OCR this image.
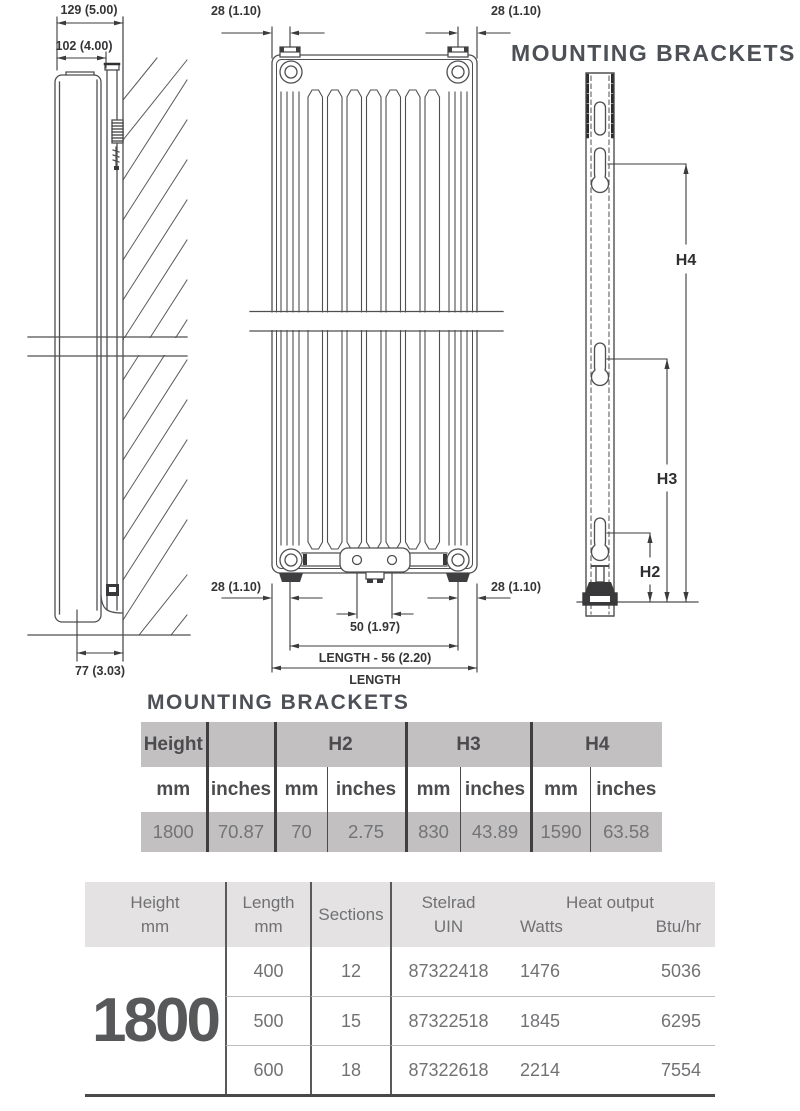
MOUNTING BRACKETS
MOUNTING BRACKETS
129 (5.00)
102 (4.00)
77 (3.03)
28 (1.10)	28 (1.10)
28 (1.10)	28 (1.10)
50 (1.97)
LENGTH - 56 (2.20)
LENGTH
H4
H3
H2
Height		H2		H3		H4	
mm	inches	mm	inches	mm	inches	mm	inches
1800	70.87	70	2.75	830	43.89	1590	63.58
Height
mm
Length
mm
Sections
Stelrad
UIN
Heat output
Watts	Btu/hr
1800
400	12	87322418	1476	5036
500	15	87322518	1845	6295
600	18	87322618	2214	7554
